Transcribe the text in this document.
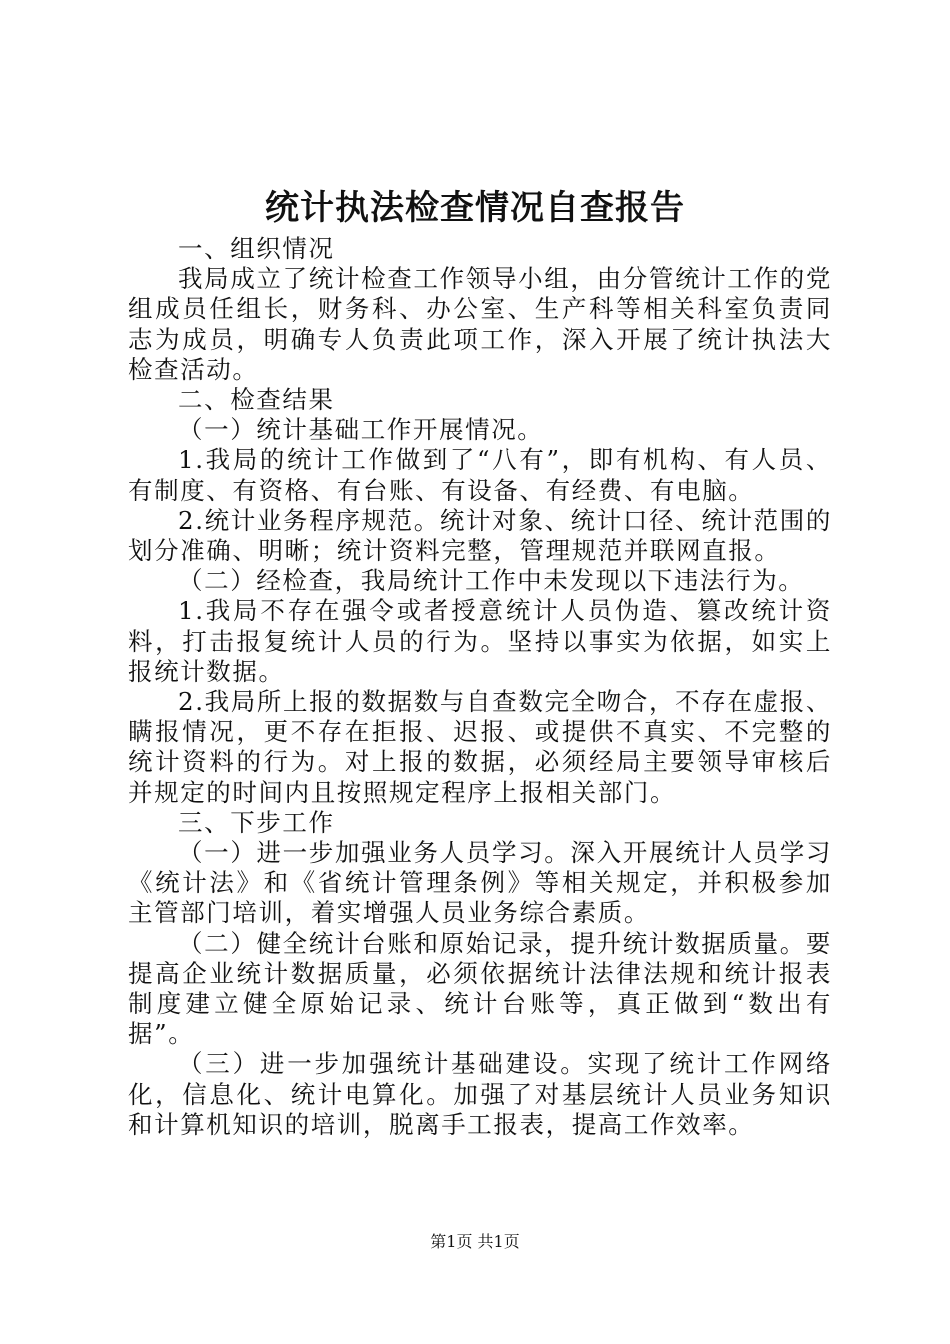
统计执法检查情况自查报告

一、组织情况

我局成立了统计检查工作领导小组，由分管统计工作的党组成员任组长，财务科、办公室、生产科等相关科室负责同志为成员，明确专人负责此项工作，深入开展了统计执法大检查活动。

二、检查结果

（一）统计基础工作开展情况。

1.我局的统计工作做到了“八有”，即有机构、有人员、有制度、有资格、有台账、有设备、有经费、有电脑。

2.统计业务程序规范。统计对象、统计口径、统计范围的划分准确、明晰；统计资料完整，管理规范并联网直报。

（二）经检查，我局统计工作中未发现以下违法行为。

1.我局不存在强令或者授意统计人员伪造、篡改统计资料，打击报复统计人员的行为。坚持以事实为依据，如实上报统计数据。

2.我局所上报的数据数与自查数完全吻合，不存在虚报、瞒报情况，更不存在拒报、迟报、或提供不真实、不完整的统计资料的行为。对上报的数据，必须经局主要领导审核后并规定的时间内且按照规定程序上报相关部门。

三、下步工作

（一）进一步加强业务人员学习。深入开展统计人员学习《统计法》和《省统计管理条例》等相关规定，并积极参加主管部门培训，着实增强人员业务综合素质。

（二）健全统计台账和原始记录，提升统计数据质量。要提高企业统计数据质量，必须依据统计法律法规和统计报表制度建立健全原始记录、统计台账等，真正做到“数出有据”。

（三）进一步加强统计基础建设。实现了统计工作网络化，信息化、统计电算化。加强了对基层统计人员业务知识和计算机知识的培训，脱离手工报表，提高工作效率。

第1页 共1页
